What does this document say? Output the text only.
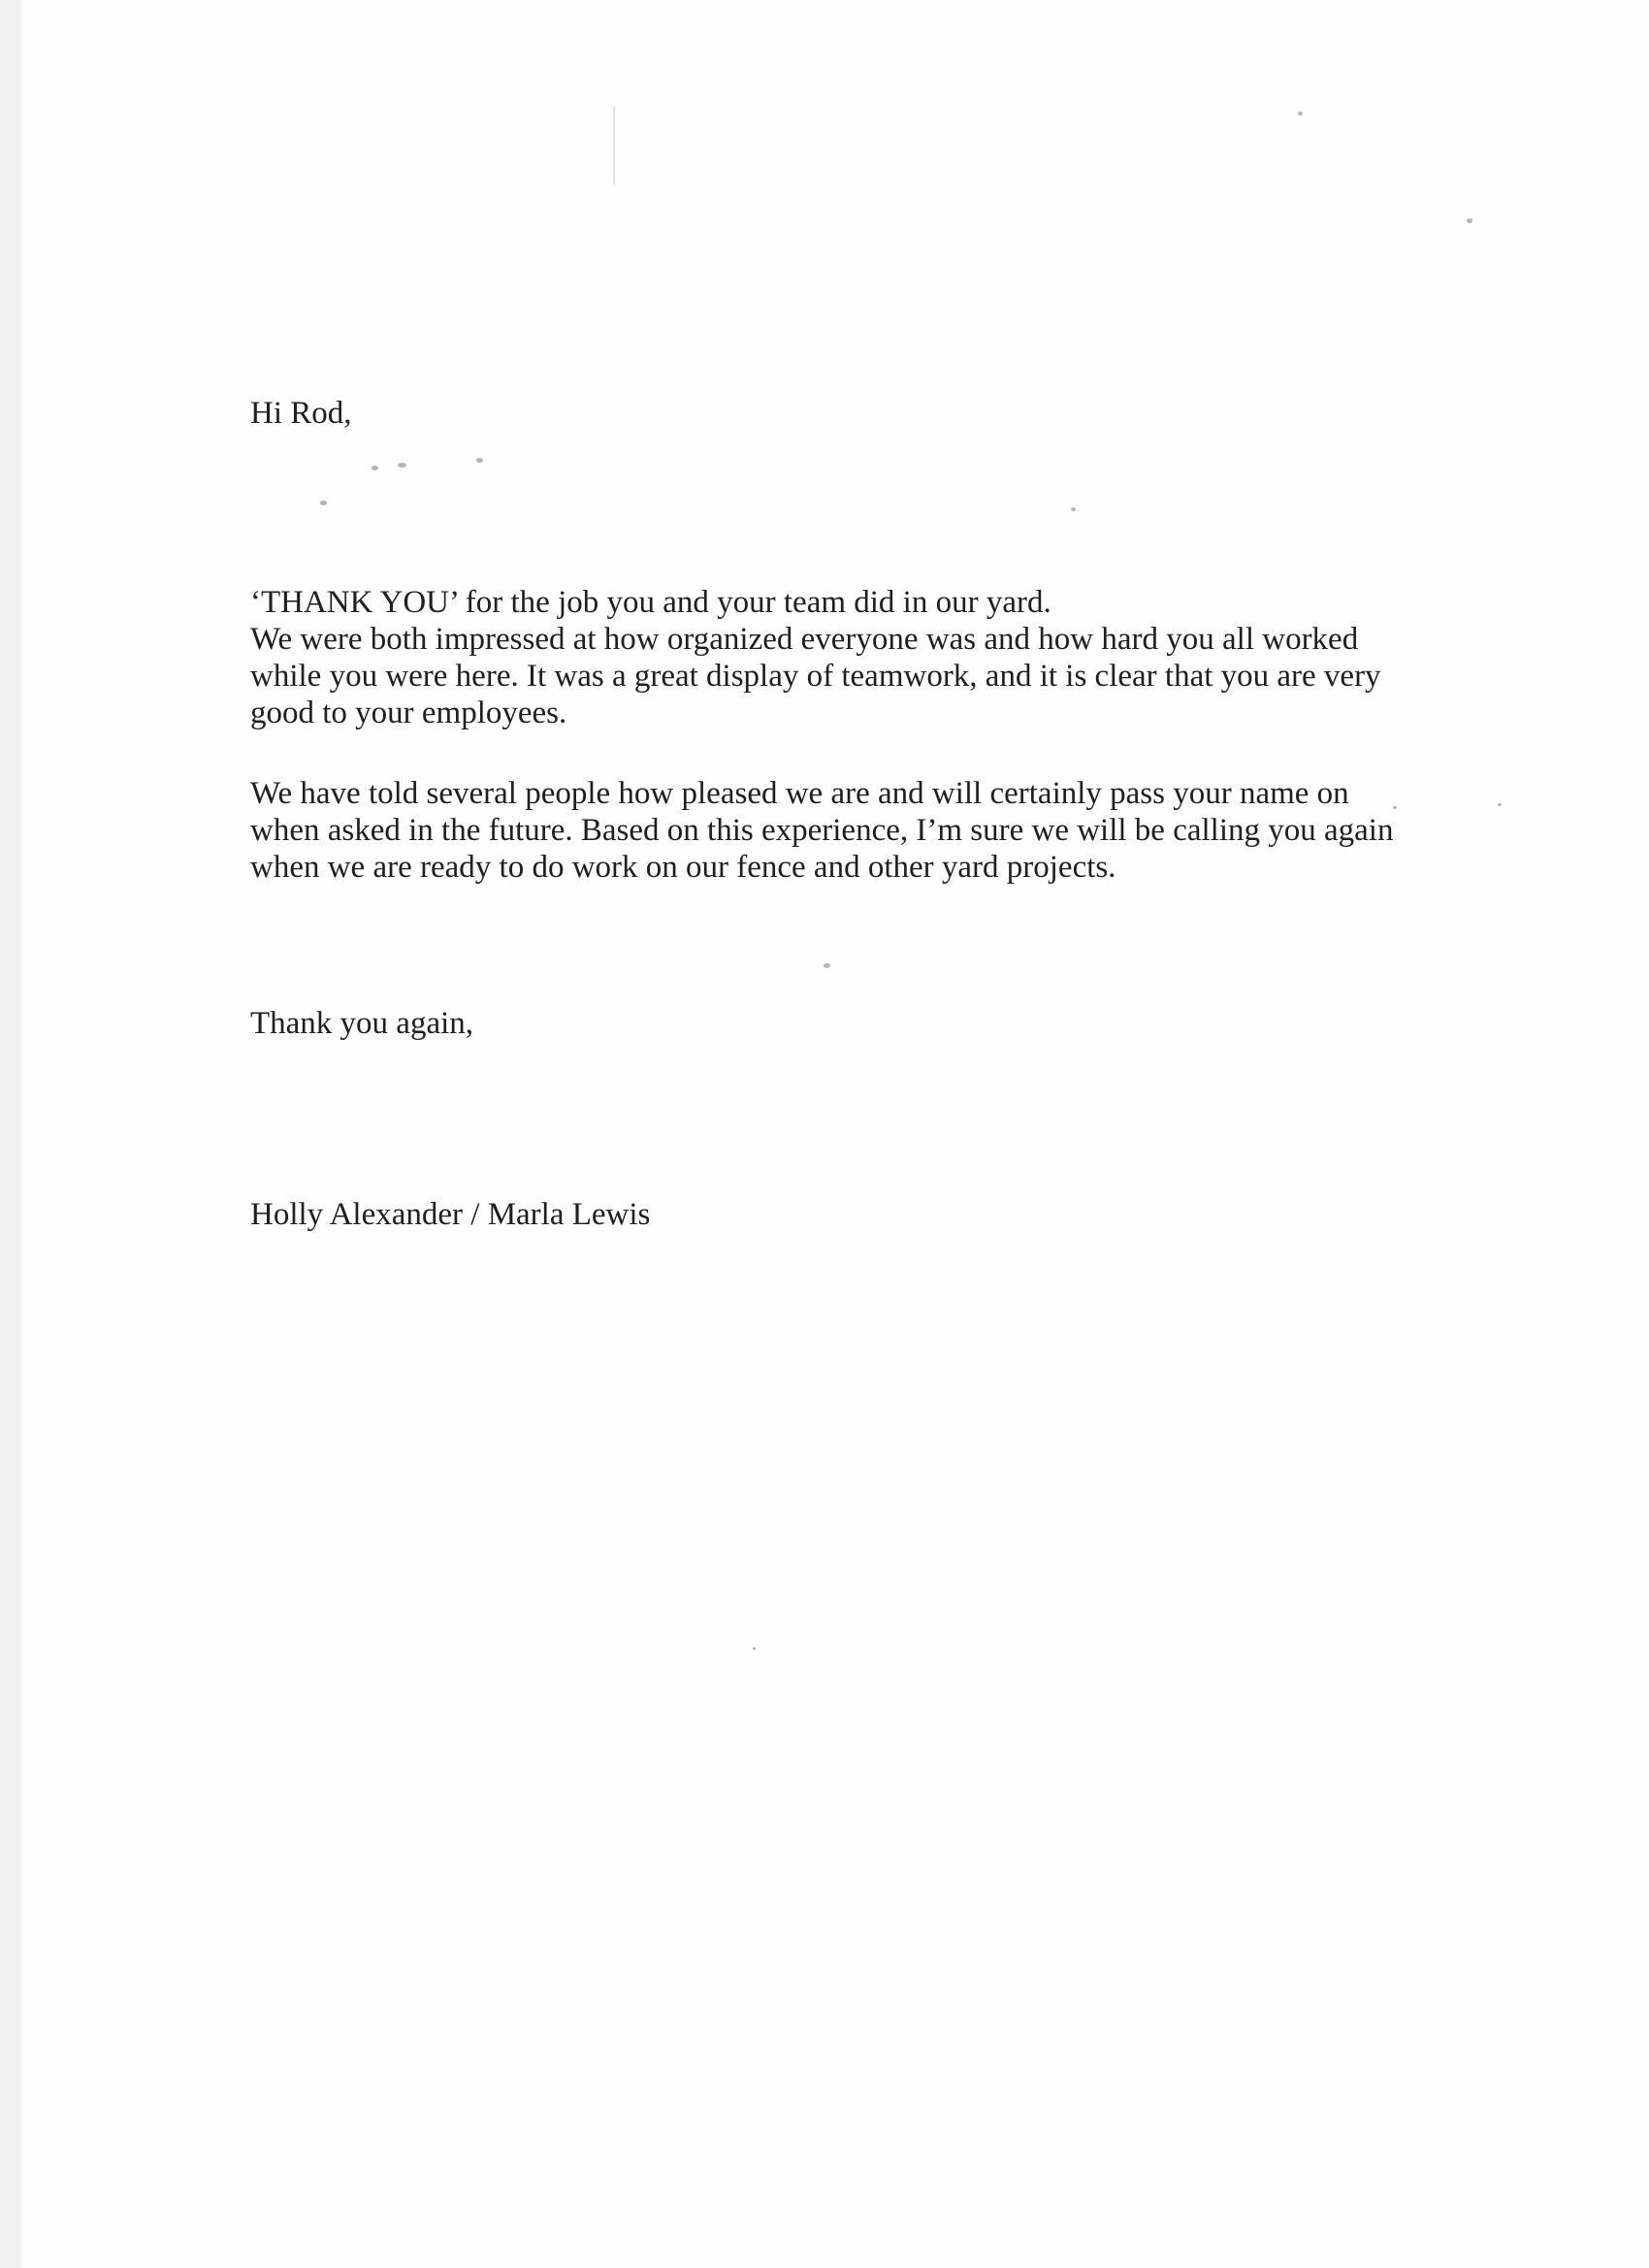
Hi Rod,

‘THANK YOU’ for the job you and your team did in our yard.
We were both impressed at how organized everyone was and how hard you all worked
while you were here. It was a great display of teamwork, and it is clear that you are very
good to your employees.

We have told several people how pleased we are and will certainly pass your name on
when asked in the future. Based on this experience, I’m sure we will be calling you again
when we are ready to do work on our fence and other yard projects.

Thank you again,

Holly Alexander / Marla Lewis
